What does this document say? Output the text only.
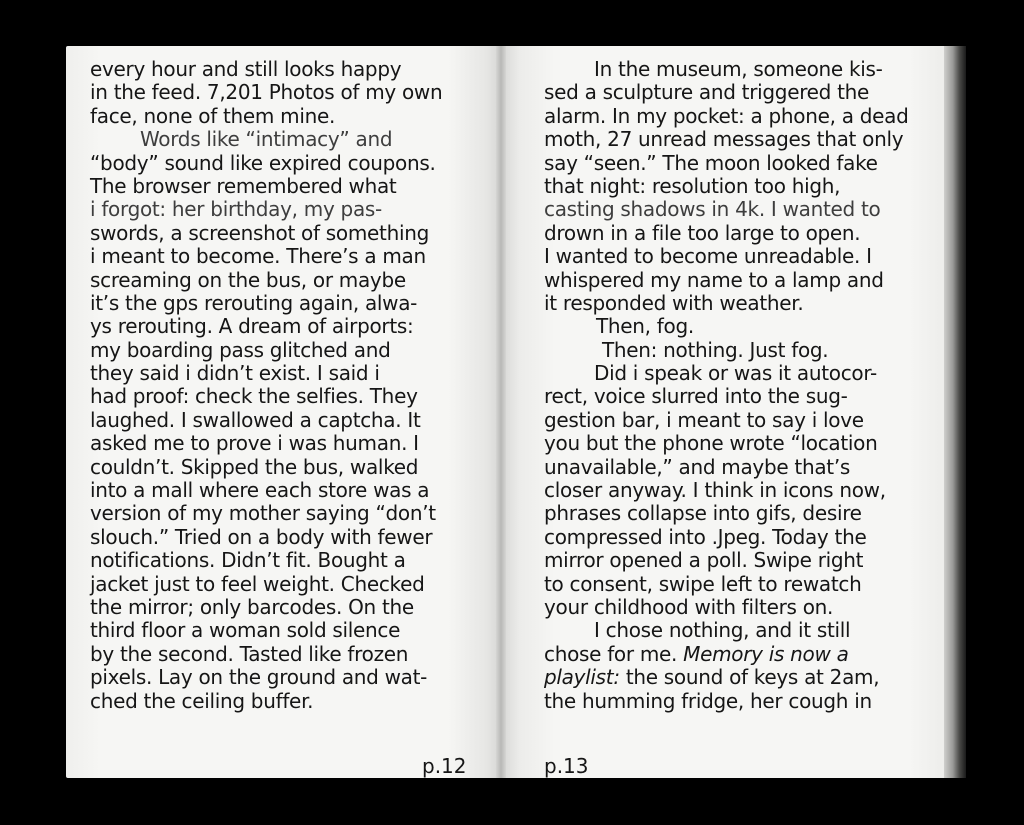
every hour and still looks happy
in the feed. 7,201 Photos of my own
face, none of them mine.
Words like “intimacy” and
“body” sound like expired coupons.
The browser remembered what
i forgot: her birthday, my pas-
swords, a screenshot of something
i meant to become. There’s a man
screaming on the bus, or maybe
it’s the gps rerouting again, alwa-
ys rerouting. A dream of airports:
my boarding pass glitched and
they said i didn’t exist. I said i
had proof: check the selfies. They
laughed. I swallowed a captcha. It
asked me to prove i was human. I
couldn’t. Skipped the bus, walked
into a mall where each store was a
version of my mother saying “don’t
slouch.” Tried on a body with fewer
notifications. Didn’t fit. Bought a
jacket just to feel weight. Checked
the mirror; only barcodes. On the
third floor a woman sold silence
by the second. Tasted like frozen
pixels. Lay on the ground and wat-
ched the ceiling buffer.
p.12
In the museum, someone kis-
sed a sculpture and triggered the
alarm. In my pocket: a phone, a dead
moth, 27 unread messages that only
say “seen.” The moon looked fake
that night: resolution too high,
casting shadows in 4k. I wanted to
drown in a file too large to open.
I wanted to become unreadable. I
whispered my name to a lamp and
it responded with weather.
Then, fog.
Then: nothing. Just fog.
Did i speak or was it autocor-
rect, voice slurred into the sug-
gestion bar, i meant to say i love
you but the phone wrote “location
unavailable,” and maybe that’s
closer anyway. I think in icons now,
phrases collapse into gifs, desire
compressed into .Jpeg. Today the
mirror opened a poll. Swipe right
to consent, swipe left to rewatch
your childhood with filters on.
I chose nothing, and it still
chose for me. Memory is now a
playlist: the sound of keys at 2am,
the humming fridge, her cough in
p.13
